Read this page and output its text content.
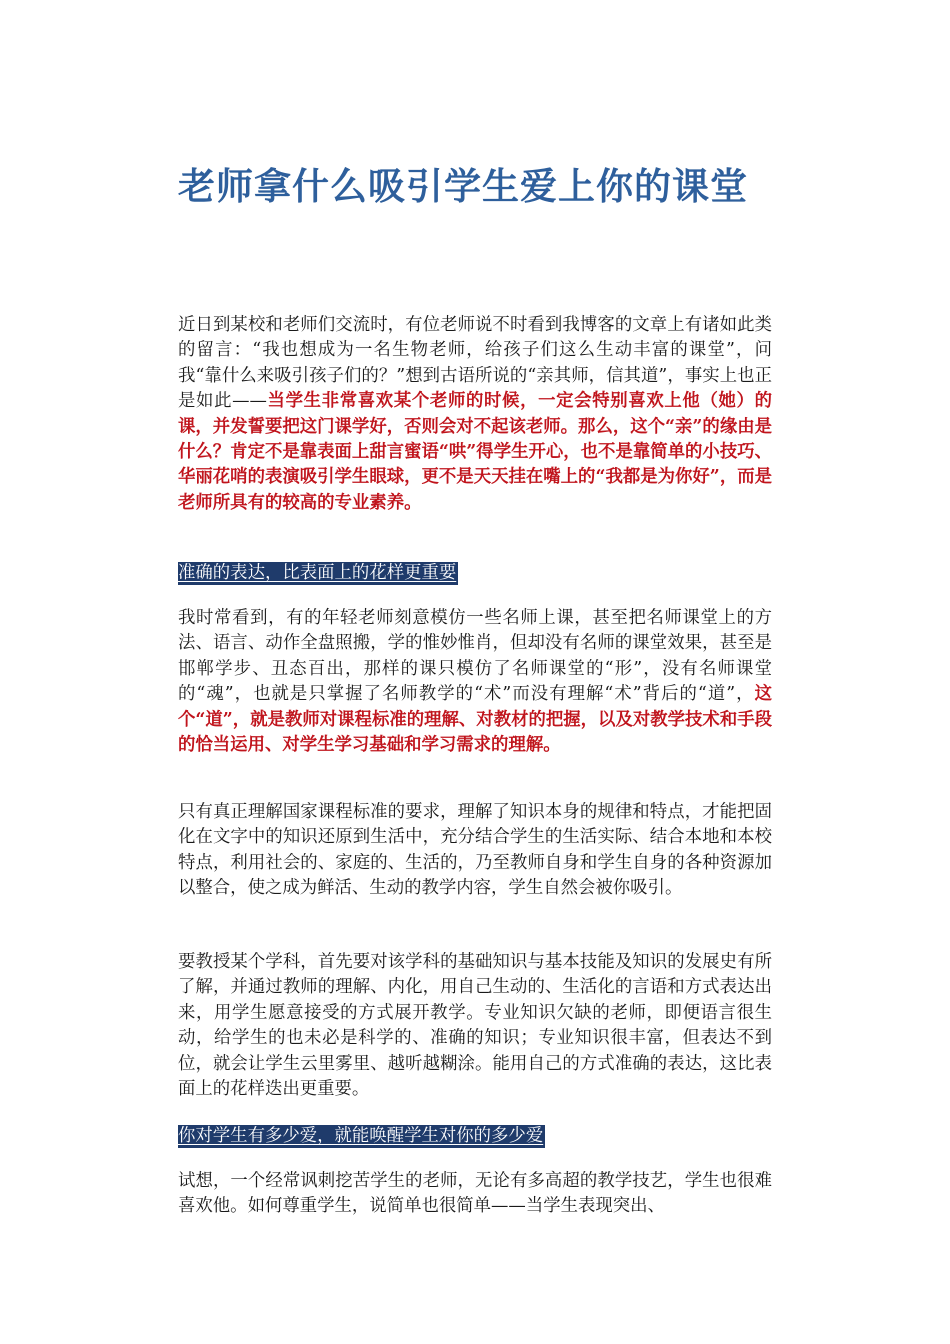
老师拿什么吸引学生爱上你的课堂

近日到某校和老师们交流时，有位老师说不时看到我博客的文章上有诸如此类的留言：“我也想成为一名生物老师，给孩子们这么生动丰富的课堂”，问我“靠什么来吸引孩子们的？”想到古语所说的“亲其师，信其道”，事实上也正是如此——当学生非常喜欢某个老师的时候，一定会特别喜欢上他（她）的课，并发誓要把这门课学好，否则会对不起该老师。那么，这个“亲”的缘由是什么？肯定不是靠表面上甜言蜜语“哄”得学生开心，也不是靠简单的小技巧、华丽花哨的表演吸引学生眼球，更不是天天挂在嘴上的“我都是为你好”，而是老师所具有的较高的专业素养。

准确的表达，比表面上的花样更重要

我时常看到，有的年轻老师刻意模仿一些名师上课，甚至把名师课堂上的方法、语言、动作全盘照搬，学的惟妙惟肖，但却没有名师的课堂效果，甚至是邯郸学步、丑态百出，那样的课只模仿了名师课堂的“形”，没有名师课堂的“魂”，也就是只掌握了名师教学的“术”而没有理解“术”背后的“道”，这个“道”，就是教师对课程标准的理解、对教材的把握，以及对教学技术和手段的恰当运用、对学生学习基础和学习需求的理解。

只有真正理解国家课程标准的要求，理解了知识本身的规律和特点，才能把固化在文字中的知识还原到生活中，充分结合学生的生活实际、结合本地和本校特点，利用社会的、家庭的、生活的，乃至教师自身和学生自身的各种资源加以整合，使之成为鲜活、生动的教学内容，学生自然会被你吸引。

要教授某个学科，首先要对该学科的基础知识与基本技能及知识的发展史有所了解，并通过教师的理解、内化，用自己生动的、生活化的言语和方式表达出来，用学生愿意接受的方式展开教学。专业知识欠缺的老师，即便语言很生动，给学生的也未必是科学的、准确的知识；专业知识很丰富，但表达不到位，就会让学生云里雾里、越听越糊涂。能用自己的方式准确的表达，这比表面上的花样迭出更重要。

你对学生有多少爱，就能唤醒学生对你的多少爱

试想，一个经常讽刺挖苦学生的老师，无论有多高超的教学技艺，学生也很难喜欢他。如何尊重学生，说简单也很简单——当学生表现突出、
